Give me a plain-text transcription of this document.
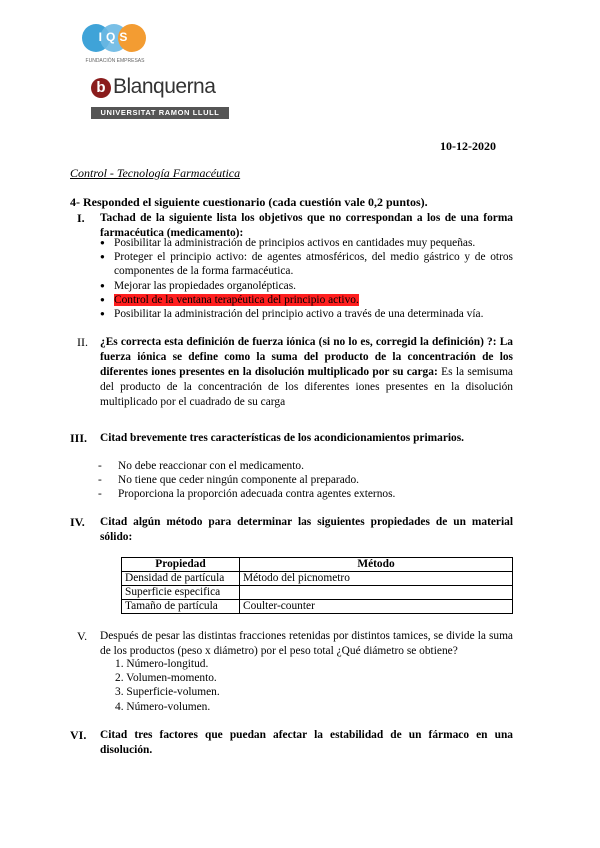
IQS
FUNDACIÓN EMPRESAS
b Blanquerna
UNIVERSITAT RAMON LLULL
10-12-2020
Control - Tecnología Farmacéutica
4- Responded el siguiente cuestionario (cada cuestión vale 0,2 puntos).
I. Tachad de la siguiente lista los objetivos que no correspondan a los de una forma farmacéutica (medicamento):
● Posibilitar la administración de principios activos en cantidades muy pequeñas.
● Proteger el principio activo: de agentes atmosféricos, del medio gástrico y de otros componentes de la forma farmacéutica.
● Mejorar las propiedades organolépticas.
● Control de la ventana terapéutica del principio activo.
● Posibilitar la administración del principio activo a través de una determinada vía.
II. ¿Es correcta esta definición de fuerza iónica (si no lo es, corregid la definición) ?: La fuerza iónica se define como la suma del producto de la concentración de los diferentes iones presentes en la disolución multiplicado por su carga: Es la semisuma del producto de la concentración de los diferentes iones presentes en la disolución multiplicado por el cuadrado de su carga
III. Citad brevemente tres características de los acondicionamientos primarios.
- No debe reaccionar con el medicamento.
- No tiene que ceder ningún componente al preparado.
- Proporciona la proporción adecuada contra agentes externos.
IV. Citad algún método para determinar las siguientes propiedades de un material sólido:
Propiedad	Método
Densidad de partícula	Método del picnometro
Superficie especifica	
Tamaño de partícula	Coulter-counter
V. Después de pesar las distintas fracciones retenidas por distintos tamices, se divide la suma de los productos (peso x diámetro) por el peso total ¿Qué diámetro se obtiene?
1. Número-longitud.
2. Volumen-momento.
3. Superficie-volumen.
4. Número-volumen.
VI. Citad tres factores que puedan afectar la estabilidad de un fármaco en una disolución.
